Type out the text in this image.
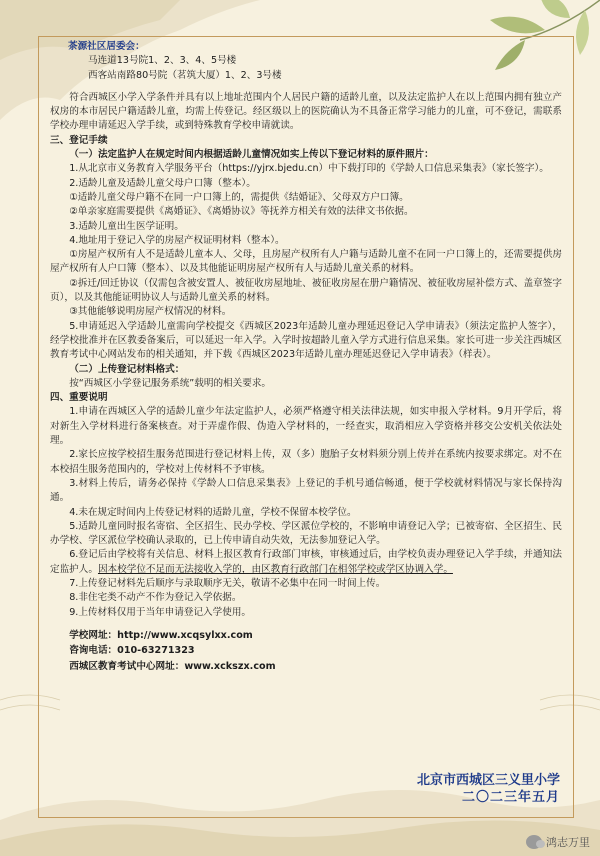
茶源社区居委会：

马连道13号院1、2、3、4、5号楼

西客站南路80号院（茗筑大厦）1、2、3号楼

符合西城区小学入学条件并具有以上地址范围内个人居民户籍的适龄儿童，以及法定监护人在以上范围内拥有独立产权房的本市居民户籍适龄儿童，均需上传登记。经区级以上的医院确认为不具备正常学习能力的儿童，可不登记，需联系学校办理申请延迟入学手续，或到特殊教育学校申请就读。

三、登记手续

（一）法定监护人在规定时间内根据适龄儿童情况如实上传以下登记材料的原件照片：

1.从北京市义务教育入学服务平台（https://yjrx.bjedu.cn）中下载打印的《学龄人口信息采集表》（家长签字）。

2.适龄儿童及适龄儿童父母户口簿（整本）。

①适龄儿童父母户籍不在同一户口簿上的，需提供《结婚证》、父母双方户口簿。

②单亲家庭需要提供《离婚证》、《离婚协议》等抚养方相关有效的法律文书依据。

3.适龄儿童出生医学证明。

4.地址用于登记入学的房屋产权证明材料（整本）。

①房屋产权所有人不是适龄儿童本人、父母，且房屋产权所有人户籍与适龄儿童不在同一户口簿上的，还需要提供房屋产权所有人户口簿（整本）、以及其他能证明房屋产权所有人与适龄儿童关系的材料。

②拆迁/回迁协议（仅需包含被安置人、被征收房屋地址、被征收房屋在册户籍情况、被征收房屋补偿方式、盖章签字页），以及其他能证明协议人与适龄儿童关系的材料。

③其他能够说明房屋产权情况的材料。

5.申请延迟入学适龄儿童需向学校提交《西城区2023年适龄儿童办理延迟登记入学申请表》（须法定监护人签字），经学校批准并在区教委备案后，可以延迟一年入学。入学时按超龄儿童入学方式进行信息采集。家长可进一步关注西城区教育考试中心网站发布的相关通知，并下载《西城区2023年适龄儿童办理延迟登记入学申请表》（样表）。

（二）上传登记材料格式：

按“西城区小学登记服务系统”载明的相关要求。

四、重要说明

1.申请在西城区入学的适龄儿童少年法定监护人，必须严格遵守相关法律法规，如实申报入学材料。9月开学后，将对新生入学材料进行备案核查。对于弄虚作假、伪造入学材料的，一经查实，取消相应入学资格并移交公安机关依法处理。

2.家长应按学校招生服务范围进行登记材料上传，双（多）胞胎子女材料须分别上传并在系统内按要求绑定。对不在本校招生服务范围内的，学校对上传材料不予审核。

3.材料上传后，请务必保持《学龄人口信息采集表》上登记的手机号通信畅通，便于学校就材料情况与家长保持沟通。

4.未在规定时间内上传登记材料的适龄儿童，学校不保留本校学位。

5.适龄儿童同时报名寄宿、全区招生、民办学校、学区派位学校的，不影响申请登记入学；已被寄宿、全区招生、民办学校、学区派位学校确认录取的，已上传申请自动失效，无法参加登记入学。

6.登记后由学校将有关信息、材料上报区教育行政部门审核，审核通过后，由学校负责办理登记入学手续，并通知法定监护人。因本校学位不足而无法接收入学的，由区教育行政部门在相邻学校或学区协调入学。

7.上传登记材料先后顺序与录取顺序无关，敬请不必集中在同一时间上传。

8.非住宅类不动产不作为登记入学依据。

9.上传材料仅用于当年申请登记入学使用。

学校网址：http://www.xcqsylxx.com

咨询电话：010-63271323

西城区教育考试中心网址：www.xckszx.com

北京市西城区三义里小学
二〇二三年五月
鸿志万里
